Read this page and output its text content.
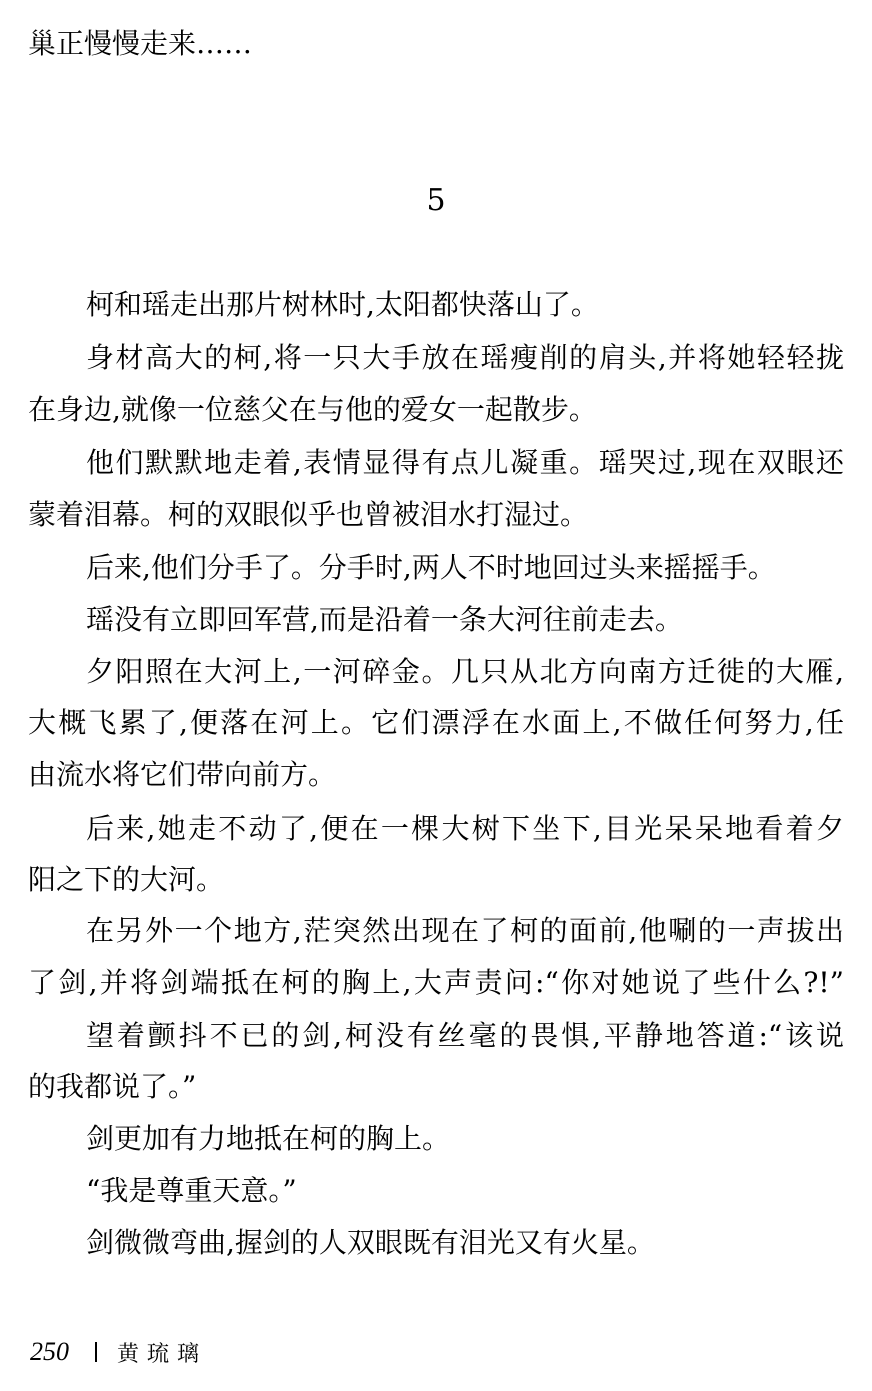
巢正慢慢走来……
5
柯和瑶走出那片树林时,太阳都快落山了。
身材高大的柯,将一只大手放在瑶瘦削的肩头,并将她轻轻拢
在身边,就像一位慈父在与他的爱女一起散步。
他们默默地走着,表情显得有点儿凝重。瑶哭过,现在双眼还
蒙着泪幕。柯的双眼似乎也曾被泪水打湿过。
后来,他们分手了。分手时,两人不时地回过头来摇摇手。
瑶没有立即回军营,而是沿着一条大河往前走去。
夕阳照在大河上,一河碎金。几只从北方向南方迁徙的大雁,
大概飞累了,便落在河上。它们漂浮在水面上,不做任何努力,任
由流水将它们带向前方。
后来,她走不动了,便在一棵大树下坐下,目光呆呆地看着夕
阳之下的大河。
在另外一个地方,茫突然出现在了柯的面前,他唰的一声拔出
了剑,并将剑端抵在柯的胸上,大声责问:“你对她说了些什么?!”
望着颤抖不已的剑,柯没有丝毫的畏惧,平静地答道:“该说
的我都说了。”
剑更加有力地抵在柯的胸上。
“我是尊重天意。”
剑微微弯曲,握剑的人双眼既有泪光又有火星。
250 黄琉璃
